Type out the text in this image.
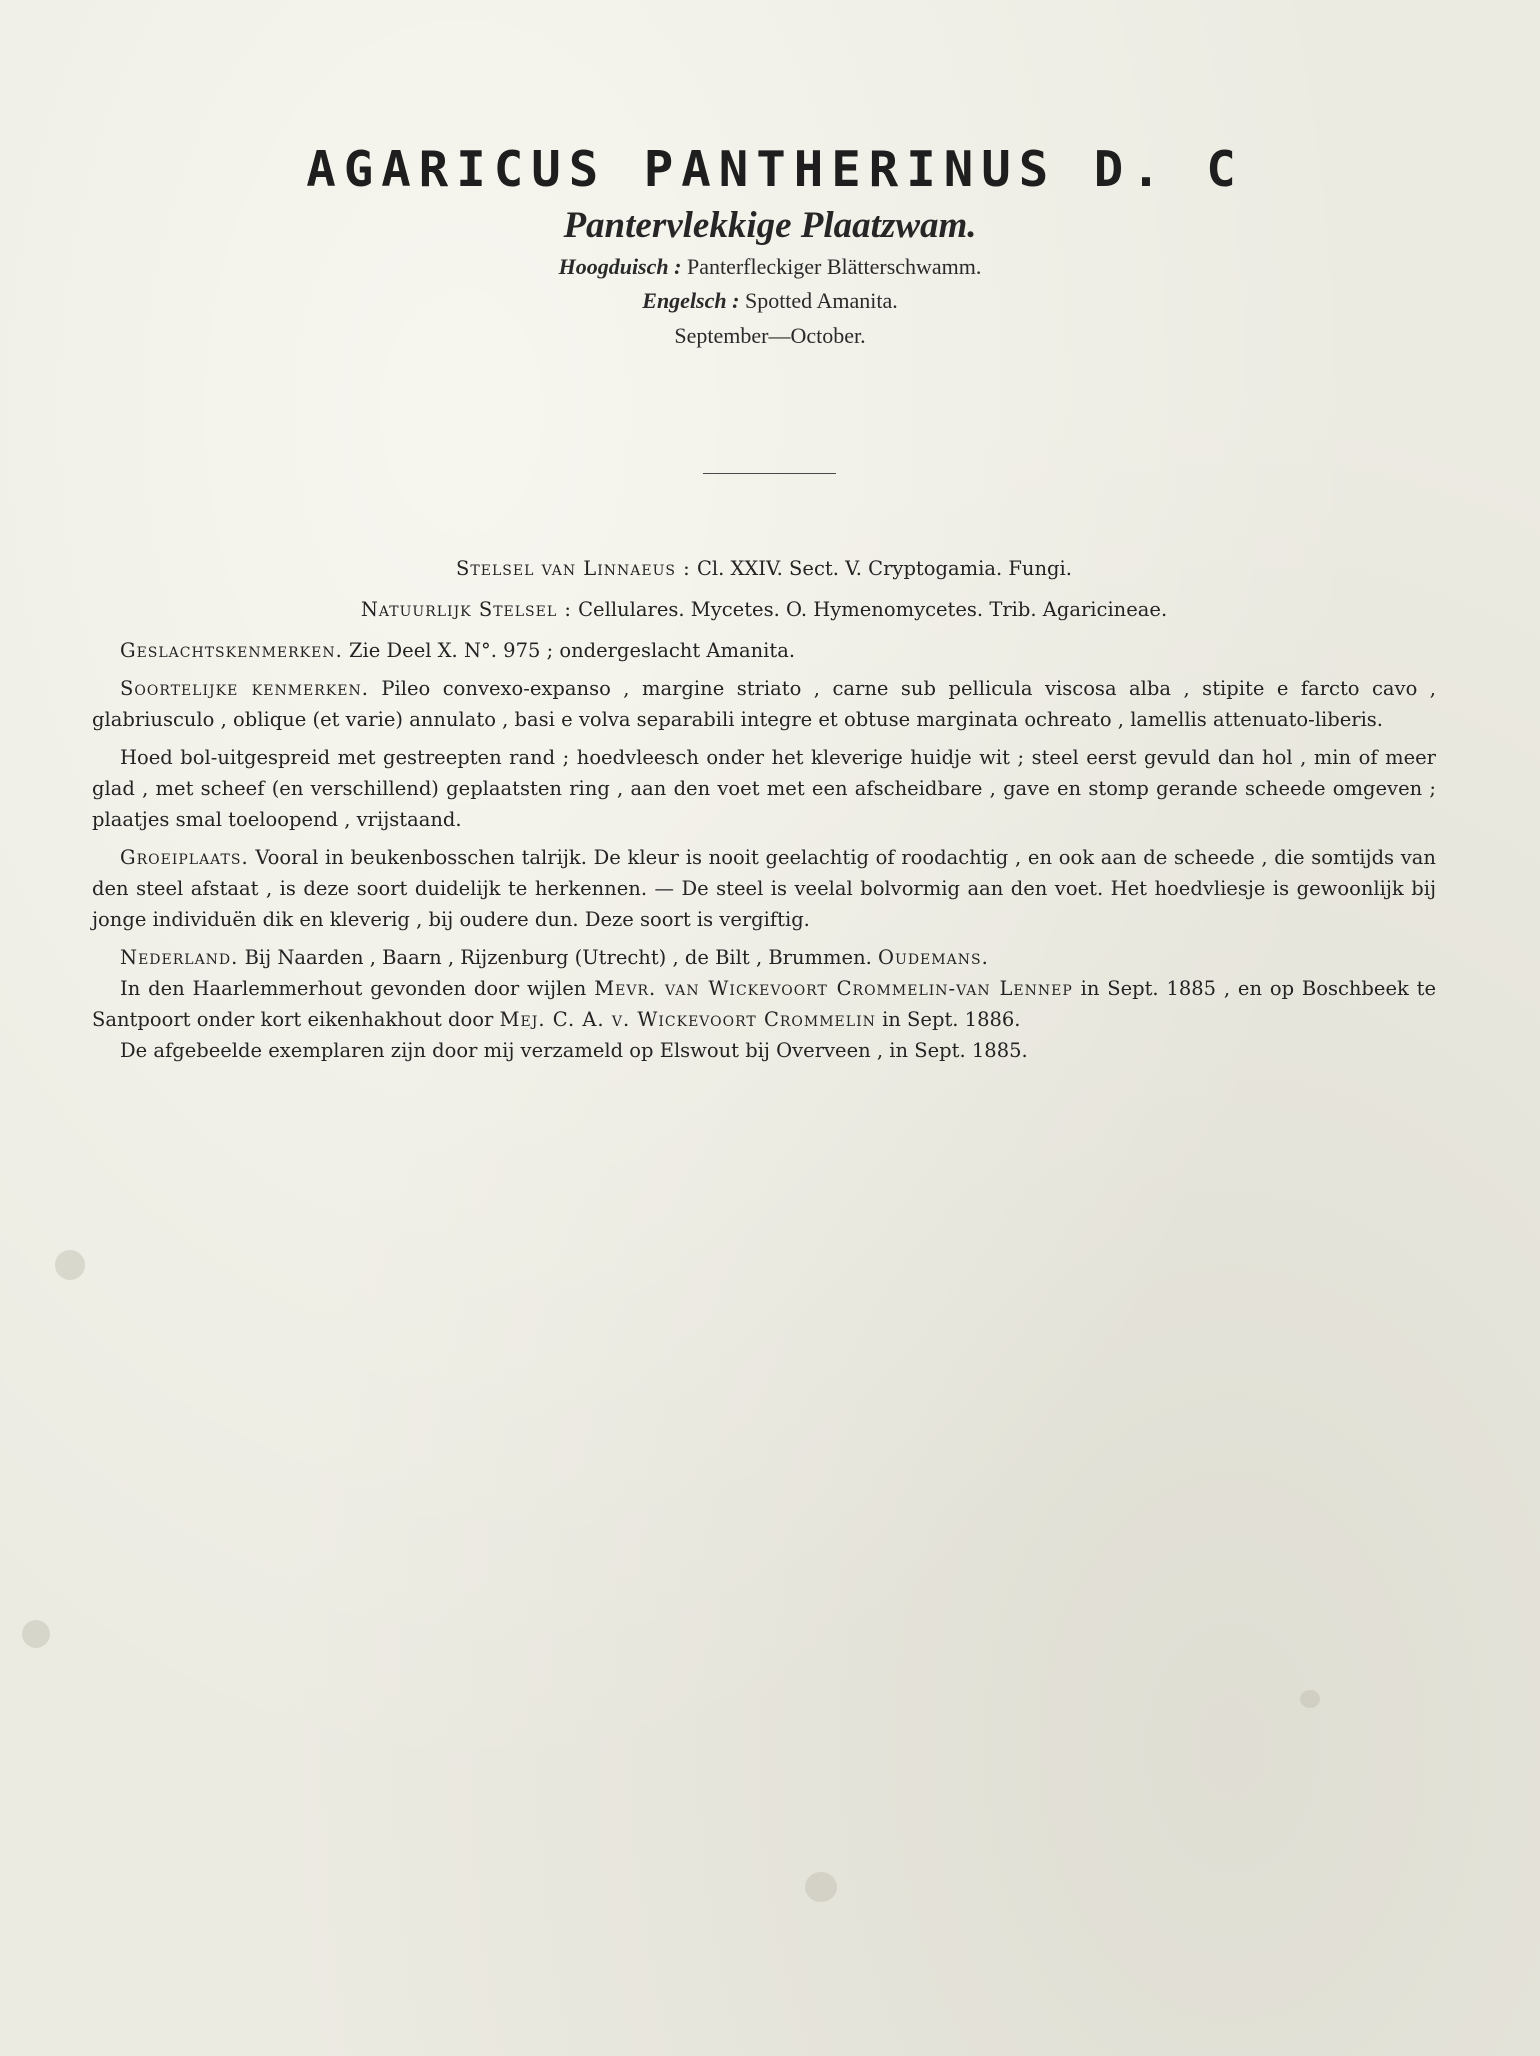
AGARICUS PANTHERINUS D. C

Pantervlekkige Plaatzwam.

Hoogduisch : Panterfleckiger Blätterschwamm.

Engelsch : Spotted Amanita.

September—October.

Stelsel van Linnaeus : Cl. XXIV. Sect. V. Cryptogamia. Fungi.

Natuurlijk Stelsel : Cellulares. Mycetes. O. Hymenomycetes. Trib. Agaricineae.

Geslachtskenmerken. Zie Deel X. N°. 975 ; ondergeslacht Amanita.

Soortelijke kenmerken. Pileo convexo-expanso , margine striato , carne sub pellicula viscosa alba , stipite e farcto cavo , glabriusculo , oblique (et varie) annulato , basi e volva separabili integre et obtuse marginata ochreato , lamellis attenuato-liberis.

Hoed bol-uitgespreid met gestreepten rand ; hoedvleesch onder het kleverige huidje wit ; steel eerst gevuld dan hol , min of meer glad , met scheef (en verschillend) geplaatsten ring , aan den voet met een afscheidbare , gave en stomp gerande scheede omgeven ; plaatjes smal toeloopend , vrijstaand.

Groeiplaats. Vooral in beukenbosschen talrijk. De kleur is nooit geelachtig of roodachtig , en ook aan de scheede , die somtijds van den steel afstaat , is deze soort duidelijk te herkennen. — De steel is veelal bolvormig aan den voet. Het hoedvliesje is gewoonlijk bij jonge individuën dik en kleverig , bij oudere dun. Deze soort is vergiftig.

Nederland. Bij Naarden , Baarn , Rijzenburg (Utrecht) , de Bilt , Brummen. Oudemans.

In den Haarlemmerhout gevonden door wijlen Mevr. van Wickevoort Crommelin-van Lennep in Sept. 1885 , en op Boschbeek te Santpoort onder kort eikenhakhout door Mej. C. A. v. Wickevoort Crommelin in Sept. 1886.

De afgebeelde exemplaren zijn door mij verzameld op Elswout bij Overveen , in Sept. 1885.
